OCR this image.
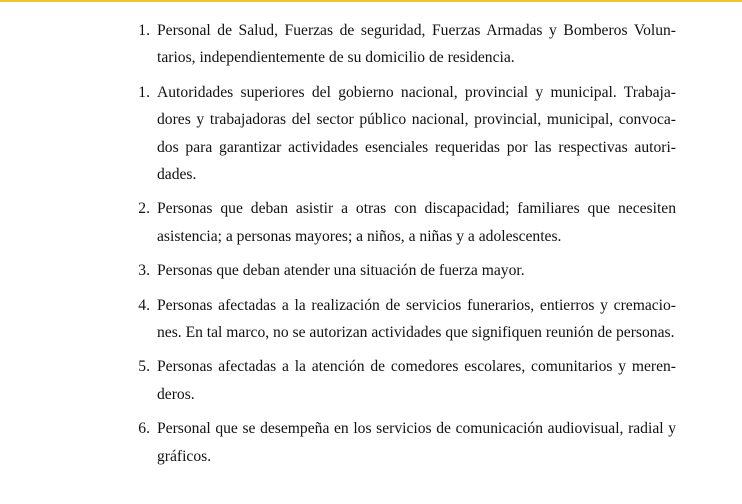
1. Personal de Salud, Fuerzas de seguridad, Fuerzas Armadas y Bomberos Voluntarios, independientemente de su domicilio de residencia.
1. Autoridades superiores del gobierno nacional, provincial y municipal. Trabajadores y trabajadoras del sector público nacional, provincial, municipal, convocados para garantizar actividades esenciales requeridas por las respectivas autoridades.
2. Personas que deban asistir a otras con discapacidad; familiares que necesiten asistencia; a personas mayores; a niños, a niñas y a adolescentes.
3. Personas que deban atender una situación de fuerza mayor.
4. Personas afectadas a la realización de servicios funerarios, entierros y cremaciones. En tal marco, no se autorizan actividades que signifiquen reunión de personas.
5. Personas afectadas a la atención de comedores escolares, comunitarios y merenderos.
6. Personal que se desempeña en los servicios de comunicación audiovisual, radial y gráficos.
